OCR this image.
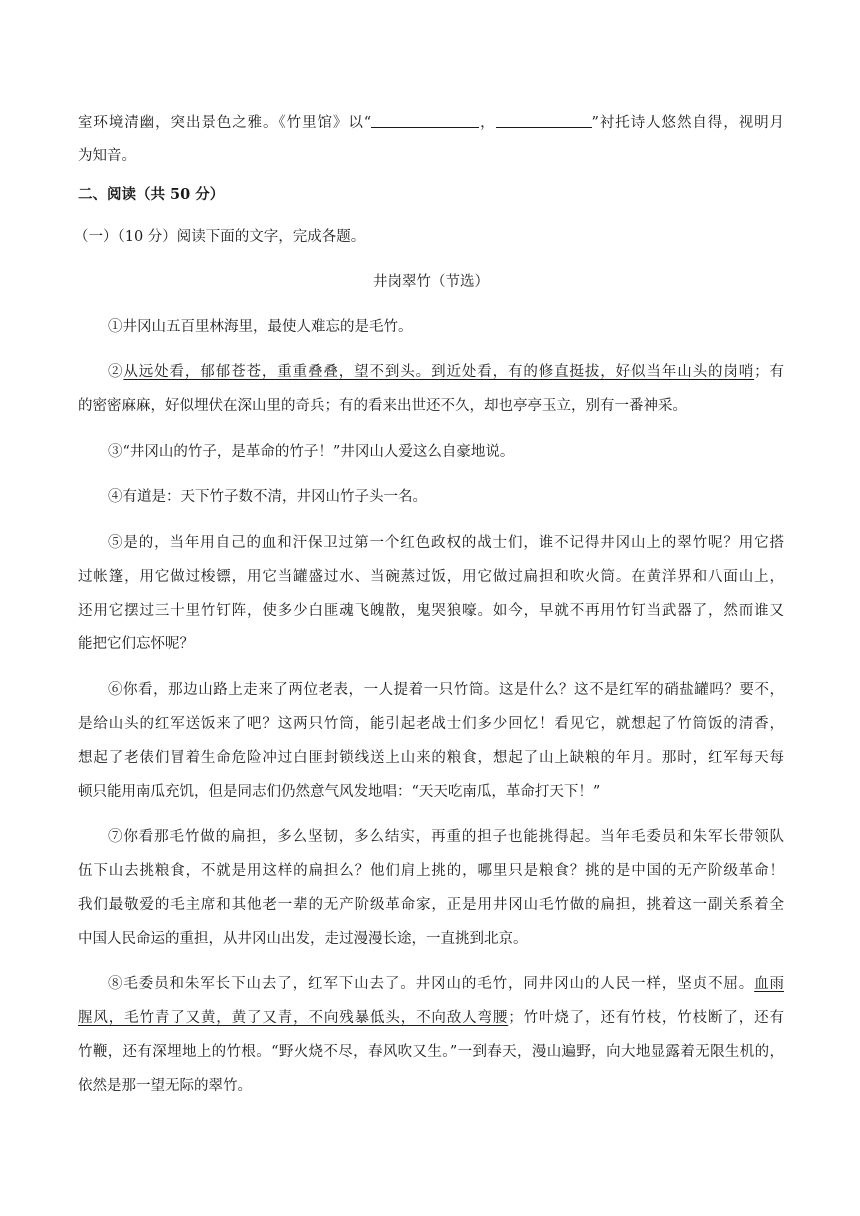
室环境清幽，突出景色之雅。《竹里馆》以“	，	”衬托诗人悠然自得，视明月
为知音。
二、阅读（共 50 分）
（一）（10 分）阅读下面的文字，完成各题。
井岗翠竹（节选）
①井冈山五百里林海里，最使人难忘的是毛竹。
②从远处看，郁郁苍苍，重重叠叠，望不到头。到近处看，有的修直挺拔，好似当年山头的岗哨；有
的密密麻麻，好似埋伏在深山里的奇兵；有的看来出世还不久，却也亭亭玉立，别有一番神采。
③“井冈山的竹子，是革命的竹子！”井冈山人爱这么自豪地说。
④有道是：天下竹子数不清，井冈山竹子头一名。
⑤是的，当年用自己的血和汗保卫过第一个红色政权的战士们，谁不记得井冈山上的翠竹呢？用它搭
过帐篷，用它做过梭镖，用它当罐盛过水、当碗蒸过饭，用它做过扁担和吹火筒。在黄洋界和八面山上，
还用它摆过三十里竹钉阵，使多少白匪魂飞魄散，鬼哭狼嚎。如今，早就不再用竹钉当武器了，然而谁又
能把它们忘怀呢？
⑥你看，那边山路上走来了两位老表，一人提着一只竹筒。这是什么？这不是红军的硝盐罐吗？要不，
是给山头的红军送饭来了吧？这两只竹筒，能引起老战士们多少回忆！看见它，就想起了竹筒饭的清香，
想起了老俵们冒着生命危险冲过白匪封锁线送上山来的粮食，想起了山上缺粮的年月。那时，红军每天每
顿只能用南瓜充饥，但是同志们仍然意气风发地唱：“天天吃南瓜，革命打天下！”
⑦你看那毛竹做的扁担，多么坚韧，多么结实，再重的担子也能挑得起。当年毛委员和朱军长带领队
伍下山去挑粮食，不就是用这样的扁担么？他们肩上挑的，哪里只是粮食？挑的是中国的无产阶级革命！
我们最敬爱的毛主席和其他老一辈的无产阶级革命家，正是用井冈山毛竹做的扁担，挑着这一副关系着全
中国人民命运的重担，从井冈山出发，走过漫漫长途，一直挑到北京。
⑧毛委员和朱军长下山去了，红军下山去了。井冈山的毛竹，同井冈山的人民一样，坚贞不屈。血雨
腥风，毛竹青了又黄，黄了又青，不向残暴低头，不向敌人弯腰；竹叶烧了，还有竹枝，竹枝断了，还有
竹鞭，还有深埋地上的竹根。“野火烧不尽，春风吹又生。”一到春天，漫山遍野，向大地显露着无限生机的，
依然是那一望无际的翠竹。
